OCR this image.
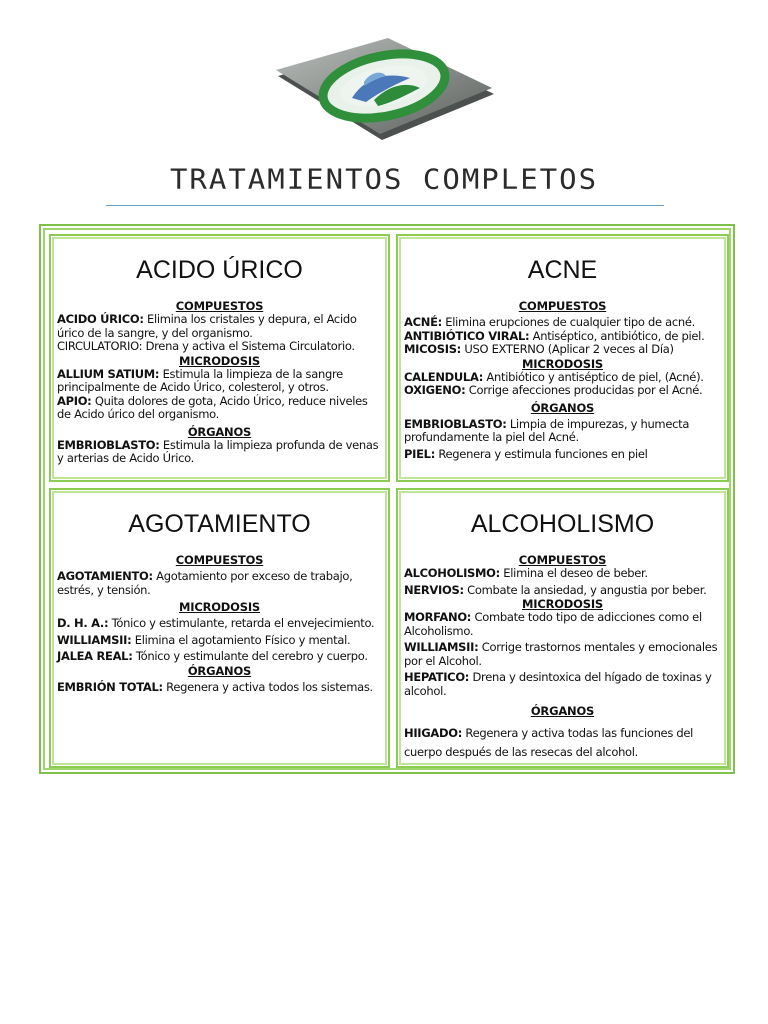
TRATAMIENTOS COMPLETOS
ACIDO ÚRICO

COMPUESTOS

ACIDO ÚRICO: Elimina los cristales y depura, el Acido úrico de la sangre, y del organismo.

CIRCULATORIO: Drena y activa el Sistema Circulatorio.

MICRODOSIS

ALLIUM SATIUM: Estimula la limpieza de la sangre principalmente de Acido Úrico, colesterol, y otros.

APIO: Quita dolores de gota, Acido Úrico, reduce niveles de Acido úrico del organismo.

ÓRGANOS

EMBRIOBLASTO: Estimula la limpieza profunda de venas y arterias de Acido Úrico.

ACNE

COMPUESTOS

ACNÉ: Elimina erupciones de cualquier tipo de acné.

ANTIBIÓTICO VIRAL: Antiséptico, antibiótico, de piel.

MICOSIS: USO EXTERNO (Aplicar 2 veces al Día)

MICRODOSIS

CALENDULA: Antibiótico y antiséptico de piel, (Acné).

OXIGENO: Corrige afecciones producidas por el Acné.

ÓRGANOS

EMBRIOBLASTO: Limpia de impurezas, y humecta profundamente la piel del Acné.

PIEL: Regenera y estimula funciones en piel

AGOTAMIENTO

COMPUESTOS

AGOTAMIENTO: Agotamiento por exceso de trabajo, estrés, y tensión.

MICRODOSIS

D. H. A.: Tónico y estimulante, retarda el envejecimiento.

WILLIAMSII: Elimina el agotamiento Físico y mental.

JALEA REAL: Tónico y estimulante del cerebro y cuerpo.

ÓRGANOS

EMBRIÓN TOTAL: Regenera y activa todos los sistemas.

ALCOHOLISMO

COMPUESTOS

ALCOHOLISMO: Elimina el deseo de beber.

NERVIOS: Combate la ansiedad, y angustia por beber.

MICRODOSIS

MORFANO: Combate todo tipo de adicciones como el Alcoholismo.

WILLIAMSII: Corrige trastornos mentales y emocionales por el Alcohol.

HEPATICO: Drena y desintoxica del hígado de toxinas y alcohol.

ÓRGANOS

HIIGADO: Regenera y activa todas las funciones del cuerpo después de las resecas del alcohol.
